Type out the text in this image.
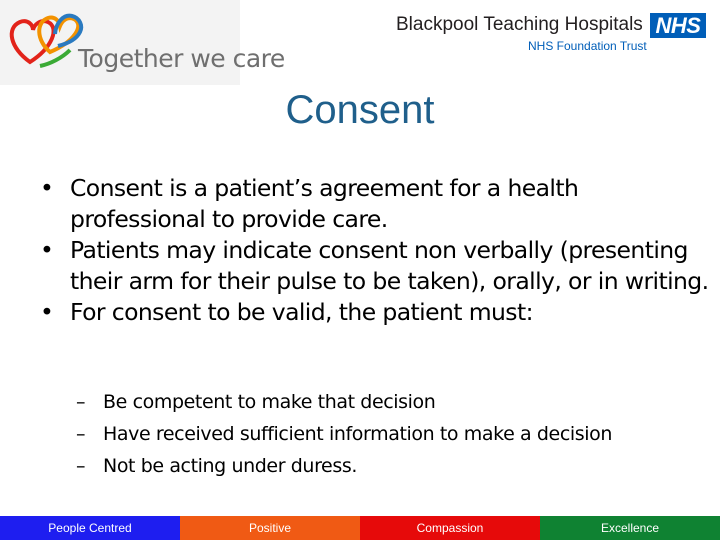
Together we care
Blackpool Teaching Hospitals NHS
NHS Foundation Trust
Consent
• Consent is a patient’s agreement for a health professional to provide care.
• Patients may indicate consent non verbally (presenting their arm for their pulse to be taken), orally, or in writing.
• For consent to be valid, the patient must:
– Be competent to make that decision
– Have received sufficient information to make a decision
– Not be acting under duress.
People Centred	Positive	Compassion	Excellence
